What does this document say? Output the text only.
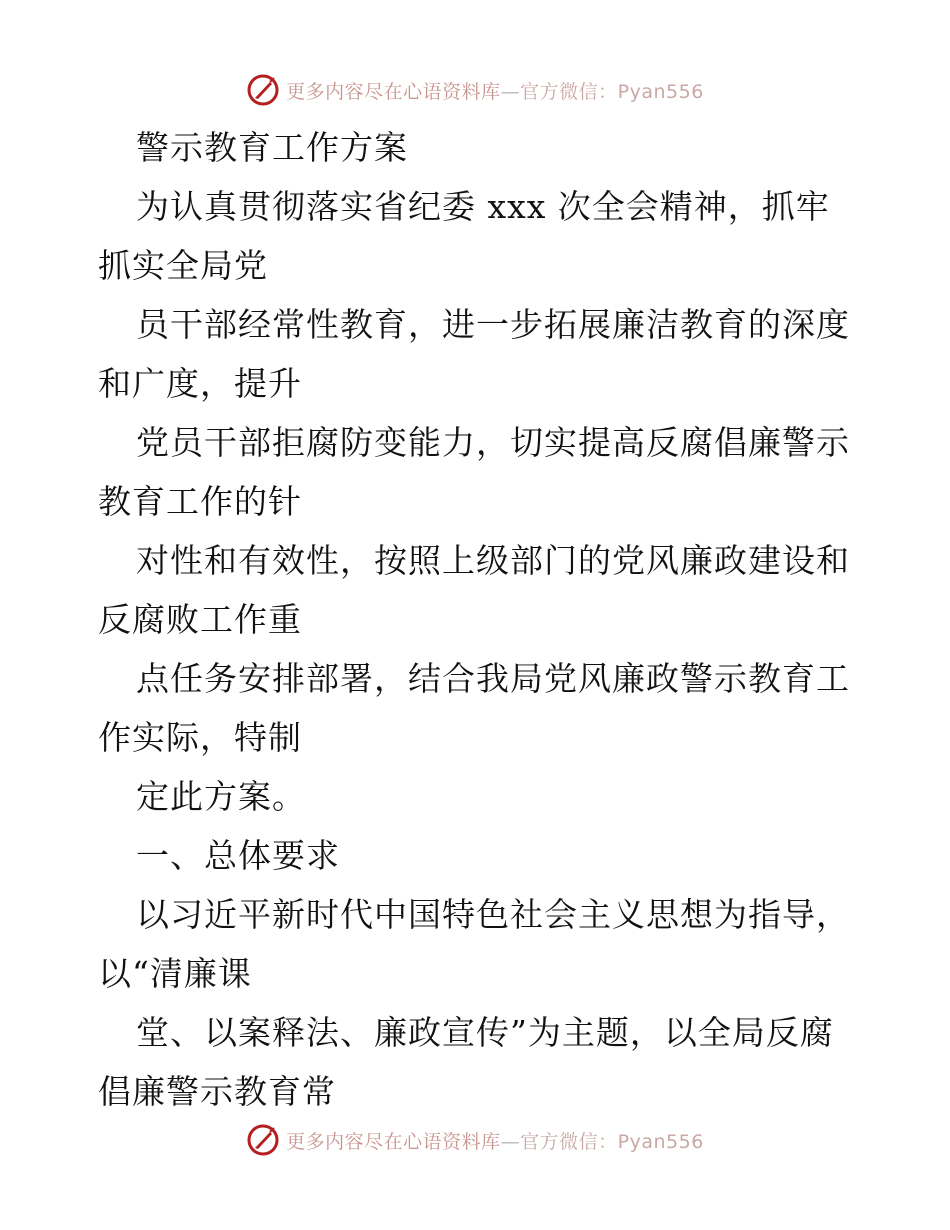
更多内容尽在心语资料库—官方微信：Pyan556
警示教育工作方案
为认真贯彻落实省纪委 xxx 次全会精神，抓牢
抓实全局党
员干部经常性教育，进一步拓展廉洁教育的深度
和广度，提升
党员干部拒腐防变能力，切实提高反腐倡廉警示
教育工作的针
对性和有效性，按照上级部门的党风廉政建设和
反腐败工作重
点任务安排部署，结合我局党风廉政警示教育工
作实际，特制
定此方案。
一、总体要求
以习近平新时代中国特色社会主义思想为指导，
以“清廉课
堂、以案释法、廉政宣传”为主题，以全局反腐
倡廉警示教育常
更多内容尽在心语资料库—官方微信：Pyan556
